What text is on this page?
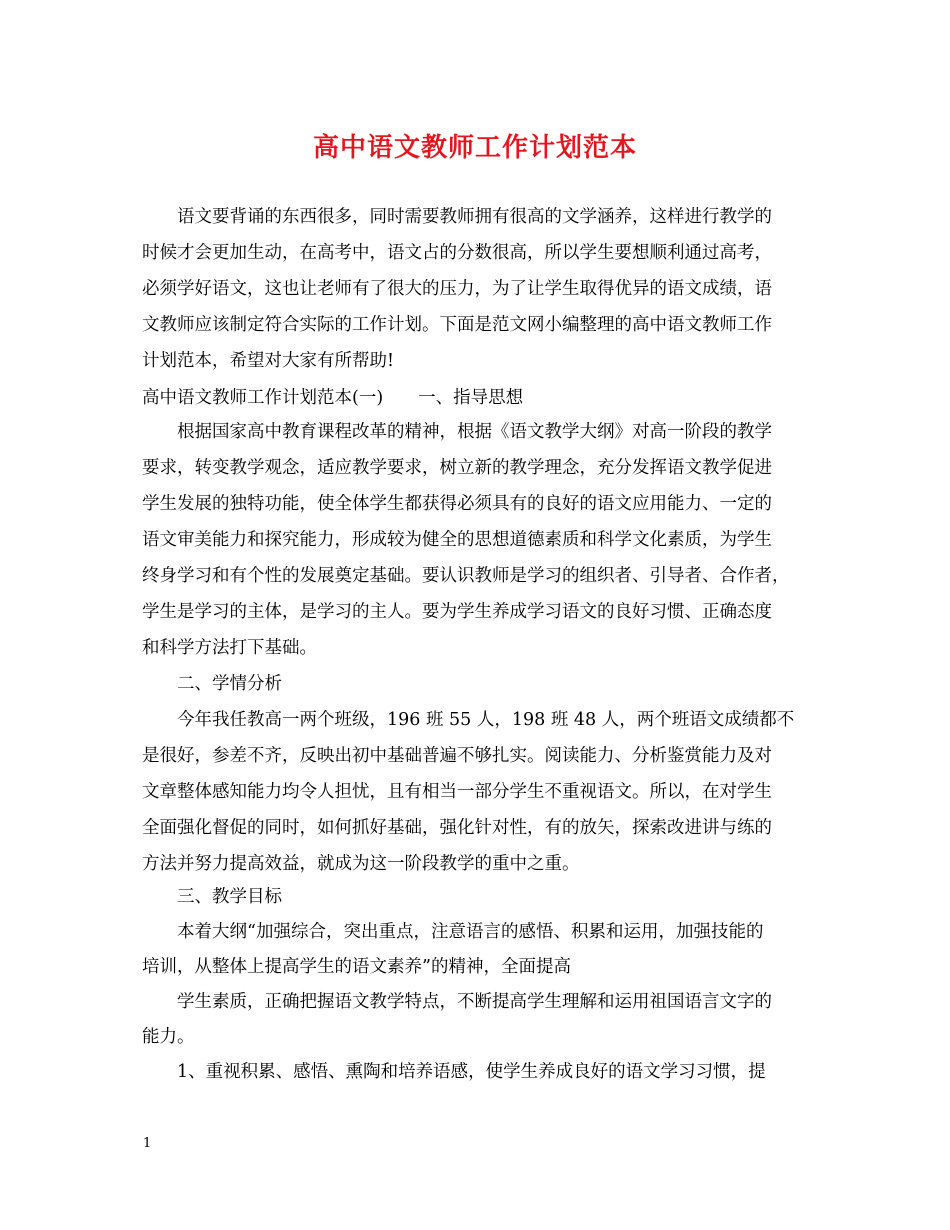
高中语文教师工作计划范本
语文要背诵的东西很多，同时需要教师拥有很高的文学涵养，这样进行教学的
时候才会更加生动，在高考中，语文占的分数很高，所以学生要想顺利通过高考，
必须学好语文，这也让老师有了很大的压力，为了让学生取得优异的语文成绩，语
文教师应该制定符合实际的工作计划。下面是范文网小编整理的高中语文教师工作
计划范本，希望对大家有所帮助!
高中语文教师工作计划范本(一)　　一、指导思想
根据国家高中教育课程改革的精神，根据《语文教学大纲》对高一阶段的教学
要求，转变教学观念，适应教学要求，树立新的教学理念，充分发挥语文教学促进
学生发展的独特功能，使全体学生都获得必须具有的良好的语文应用能力、一定的
语文审美能力和探究能力，形成较为健全的思想道德素质和科学文化素质，为学生
终身学习和有个性的发展奠定基础。要认识教师是学习的组织者、引导者、合作者，
学生是学习的主体，是学习的主人。要为学生养成学习语文的良好习惯、正确态度
和科学方法打下基础。
二、学情分析
今年我任教高一两个班级，196 班 55 人，198 班 48 人，两个班语文成绩都不
是很好，参差不齐，反映出初中基础普遍不够扎实。阅读能力、分析鉴赏能力及对
文章整体感知能力均令人担忧，且有相当一部分学生不重视语文。所以，在对学生
全面强化督促的同时，如何抓好基础，强化针对性，有的放矢，探索改进讲与练的
方法并努力提高效益，就成为这一阶段教学的重中之重。
三、教学目标
本着大纲“加强综合，突出重点，注意语言的感悟、积累和运用，加强技能的
培训，从整体上提高学生的语文素养”的精神，全面提高
学生素质，正确把握语文教学特点，不断提高学生理解和运用祖国语言文字的
能力。
1、重视积累、感悟、熏陶和培养语感，使学生养成良好的语文学习习惯，提
1
